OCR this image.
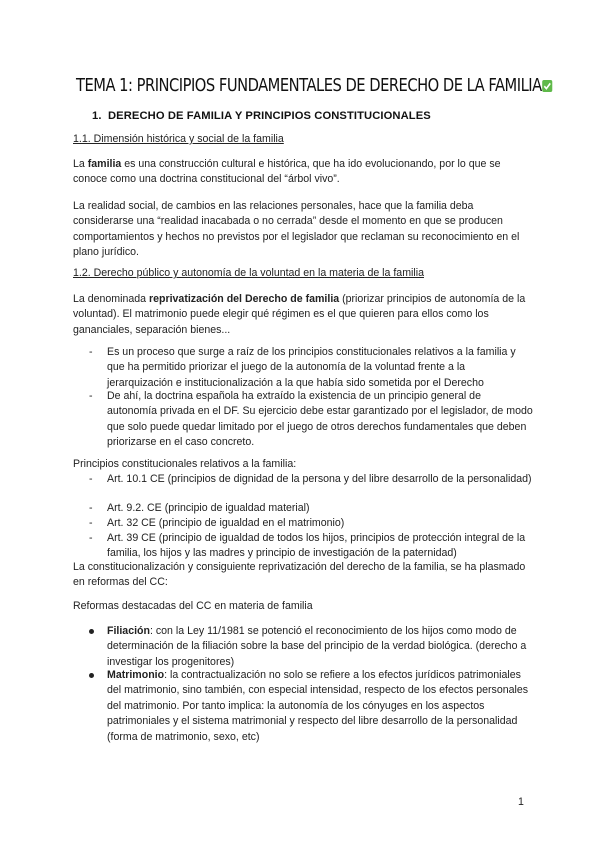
TEMA 1: PRINCIPIOS FUNDAMENTALES DE DERECHO DE LA FAMILIA
1. DERECHO DE FAMILIA Y PRINCIPIOS CONSTITUCIONALES
1.1. Dimensión histórica y social de la familia

La familia es una construcción cultural e histórica, que ha ido evolucionando, por lo que se conoce como una doctrina constitucional del “árbol vivo”.

La realidad social, de cambios en las relaciones personales, hace que la familia deba considerarse una “realidad inacabada o no cerrada” desde el momento en que se producen comportamientos y hechos no previstos por el legislador que reclaman su reconocimiento en el plano jurídico.

1.2. Derecho público y autonomía de la voluntad en la materia de la familia

La denominada reprivatización del Derecho de familia (priorizar principios de autonomía de la voluntad). El matrimonio puede elegir qué régimen es el que quieren para ellos como los gananciales, separación bienes...

- Es un proceso que surge a raíz de los principios constitucionales relativos a la familia y que ha permitido priorizar el juego de la autonomía de la voluntad frente a la jerarquización e institucionalización a la que había sido sometida por el Derecho
- De ahí, la doctrina española ha extraído la existencia de un principio general de autonomía privada en el DF. Su ejercicio debe estar garantizado por el legislador, de modo que solo puede quedar limitado por el juego de otros derechos fundamentales que deben priorizarse en el caso concreto.

Principios constitucionales relativos a la familia:

- Art. 10.1 CE (principios de dignidad de la persona y del libre desarrollo de la personalidad)
- Art. 9.2. CE (principio de igualdad material)
- Art. 32 CE (principio de igualdad en el matrimonio)
- Art. 39 CE (principio de igualdad de todos los hijos, principios de protección integral de la familia, los hijos y las madres y principio de investigación de la paternidad)

La constitucionalización y consiguiente reprivatización del derecho de la familia, se ha plasmado en reformas del CC:

Reformas destacadas del CC en materia de familia

Filiación: con la Ley 11/1981 se potenció el reconocimiento de los hijos como modo de determinación de la filiación sobre la base del principio de la verdad biológica. (derecho a investigar los progenitores)
Matrimonio: la contractualización no solo se refiere a los efectos jurídicos patrimoniales del matrimonio, sino también, con especial intensidad, respecto de los efectos personales del matrimonio. Por tanto implica: la autonomía de los cónyuges en los aspectos patrimoniales y el sistema matrimonial y respecto del libre desarrollo de la personalidad (forma de matrimonio, sexo, etc)
1
